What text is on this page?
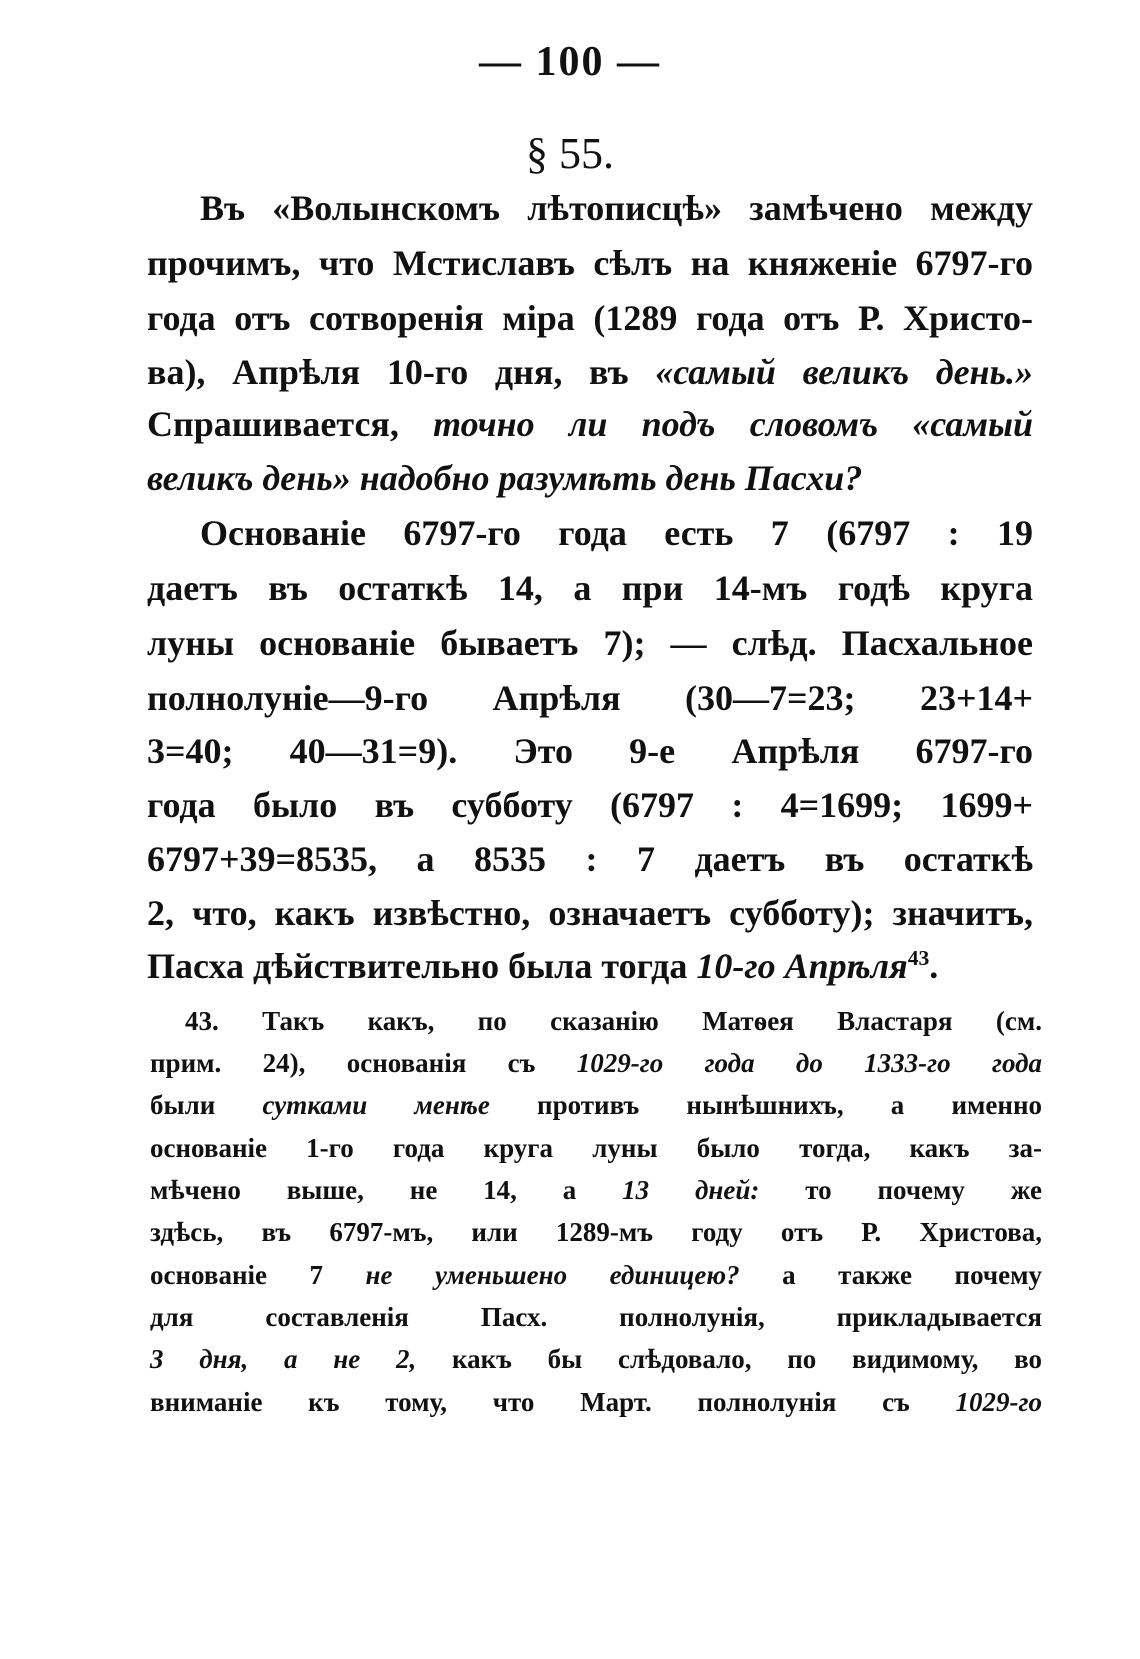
— 100 —
§ 55.
Въ «Волынскомъ лѣтописцѣ» замѣчено между
прочимъ, что Мстиславъ сѣлъ на княженіе 6797-го
года отъ сотворенія міра (1289 года отъ Р. Христо-
ва), Апрѣля 10-го дня, въ «самый великъ день.»
Спрашивается, точно ли подъ словомъ «самый
великъ день» надобно разумѣть день Пасхи?
Основаніе 6797-го года есть 7 (6797 : 19
даетъ въ остаткѣ 14, а при 14-мъ годѣ круга
луны основаніе бываетъ 7); — слѣд. Пасхальное
полнолуніе—9-го Апрѣля (30—7=23; 23+14+
3=40; 40—31=9). Это 9-е Апрѣля 6797-го
года было въ субботу (6797 : 4=1699; 1699+
6797+39=8535, а 8535 : 7 даетъ въ остаткѣ
2, что, какъ извѣстно, означаетъ субботу); значитъ,
Пасха дѣйствительно была тогда 10-го Апрѣля$^{43}$.
43. Такъ какъ, по сказанію Матѳея Властаря (см.
прим. 24), основанія съ 1029-го года до 1333-го года
были сутками менѣе противъ нынѣшнихъ, а именно
основаніе 1-го года круга луны было тогда, какъ за-
мѣчено выше, не 14, а 13 дней: то почему же
здѣсь, въ 6797-мъ, или 1289-мъ году отъ Р. Христова,
основаніе 7 не уменьшено единицею? а также почему
для составленія Пасх. полнолунія, прикладывается
3 дня, а не 2, какъ бы слѣдовало, по видимому, во
вниманіе къ тому, что Март. полнолунія съ 1029-го
